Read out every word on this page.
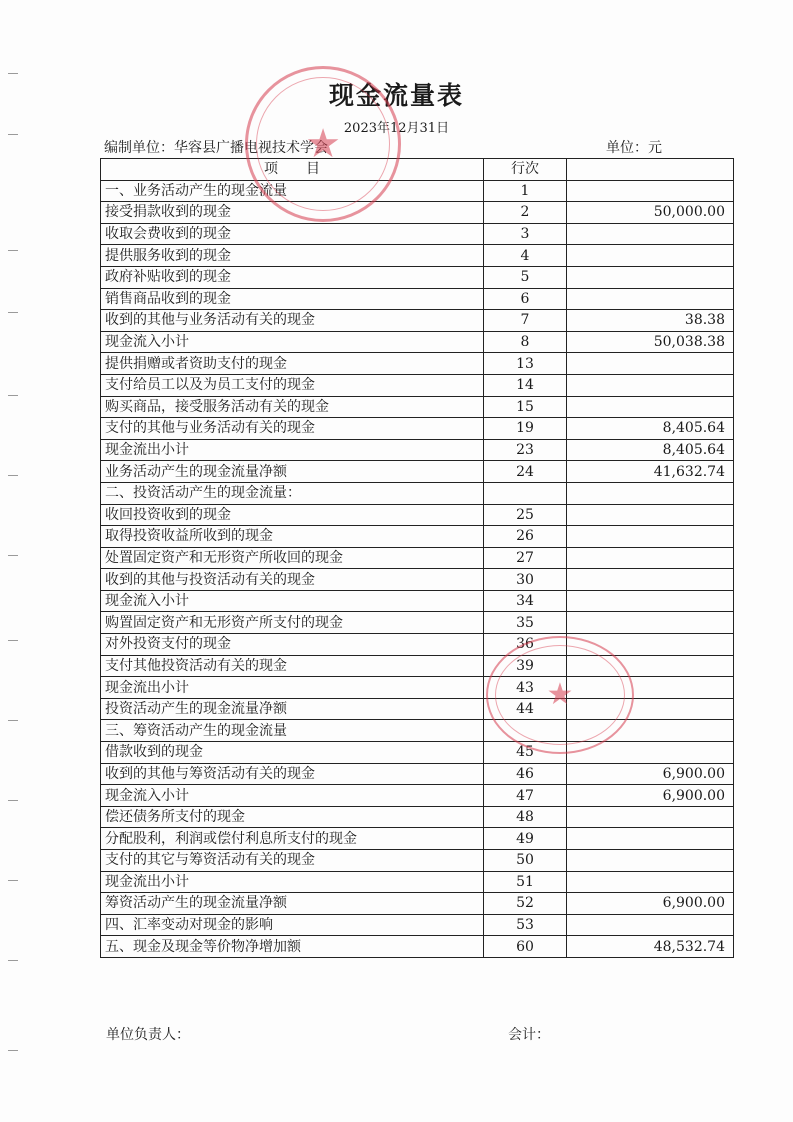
现金流量表
2023年12月31日
编制单位：华容县广播电视技术学会	单位：元
项　　目	行次	
一、业务活动产生的现金流量	1	
接受捐款收到的现金	2	50,000.00
收取会费收到的现金	3	
提供服务收到的现金	4	
政府补贴收到的现金	5	
销售商品收到的现金	6	
收到的其他与业务活动有关的现金	7	38.38
现金流入小计	8	50,038.38
提供捐赠或者资助支付的现金	13	
支付给员工以及为员工支付的现金	14	
购买商品，接受服务活动有关的现金	15	
支付的其他与业务活动有关的现金	19	8,405.64
现金流出小计	23	8,405.64
业务活动产生的现金流量净额	24	41,632.74
二、投资活动产生的现金流量：		
收回投资收到的现金	25	
取得投资收益所收到的现金	26	
处置固定资产和无形资产所收回的现金	27	
收到的其他与投资活动有关的现金	30	
现金流入小计	34	
购置固定资产和无形资产所支付的现金	35	
对外投资支付的现金	36	
支付其他投资活动有关的现金	39	
现金流出小计	43	
投资活动产生的现金流量净额	44	
三、筹资活动产生的现金流量		
借款收到的现金	45	
收到的其他与筹资活动有关的现金	46	6,900.00
现金流入小计	47	6,900.00
偿还债务所支付的现金	48	
分配股利，利润或偿付利息所支付的现金	49	
支付的其它与筹资活动有关的现金	50	
现金流出小计	51	
筹资活动产生的现金流量净额	52	6,900.00
四、汇率变动对现金的影响	53	
五、现金及现金等价物净增加额	60	48,532.74
单位负责人：	会计：
★
★
